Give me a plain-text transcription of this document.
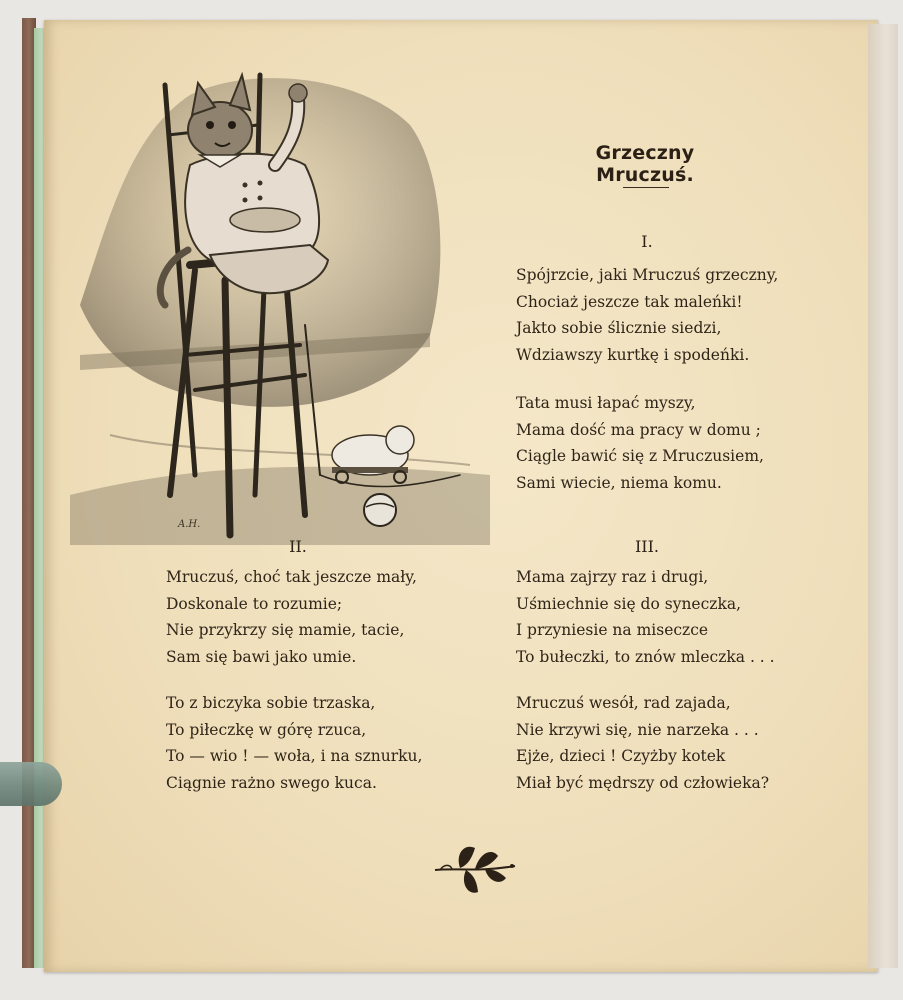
A.H.
Grzeczny Mruczuś.
I.
Spójrzcie, jaki Mruczuś grzeczny,
Chociaż jeszcze tak maleńki!
Jakto sobie ślicznie siedzi,
Wdziawszy kurtkę i spodeńki.
Tata musi łapać myszy,
Mama dość ma pracy w domu ;
Ciągle bawić się z Mruczusiem,
Sami wiecie, niema komu.
II.
Mruczuś, choć tak jeszcze mały,
Doskonale to rozumie;
Nie przykrzy się mamie, tacie,
Sam się bawi jako umie.
To z biczyka sobie trzaska,
To piłeczkę w górę rzuca,
To — wio ! — woła, i na sznurku,
Ciągnie rażno swego kuca.
III.
Mama zajrzy raz i drugi,
Uśmiechnie się do syneczka,
I przyniesie na miseczce
To bułeczki, to znów mleczka . . .
Mruczuś wesół, rad zajada,
Nie krzywi się, nie narzeka . . .
Ejże, dzieci ! Czyżby kotek
Miał być mędrszy od człowieka?
